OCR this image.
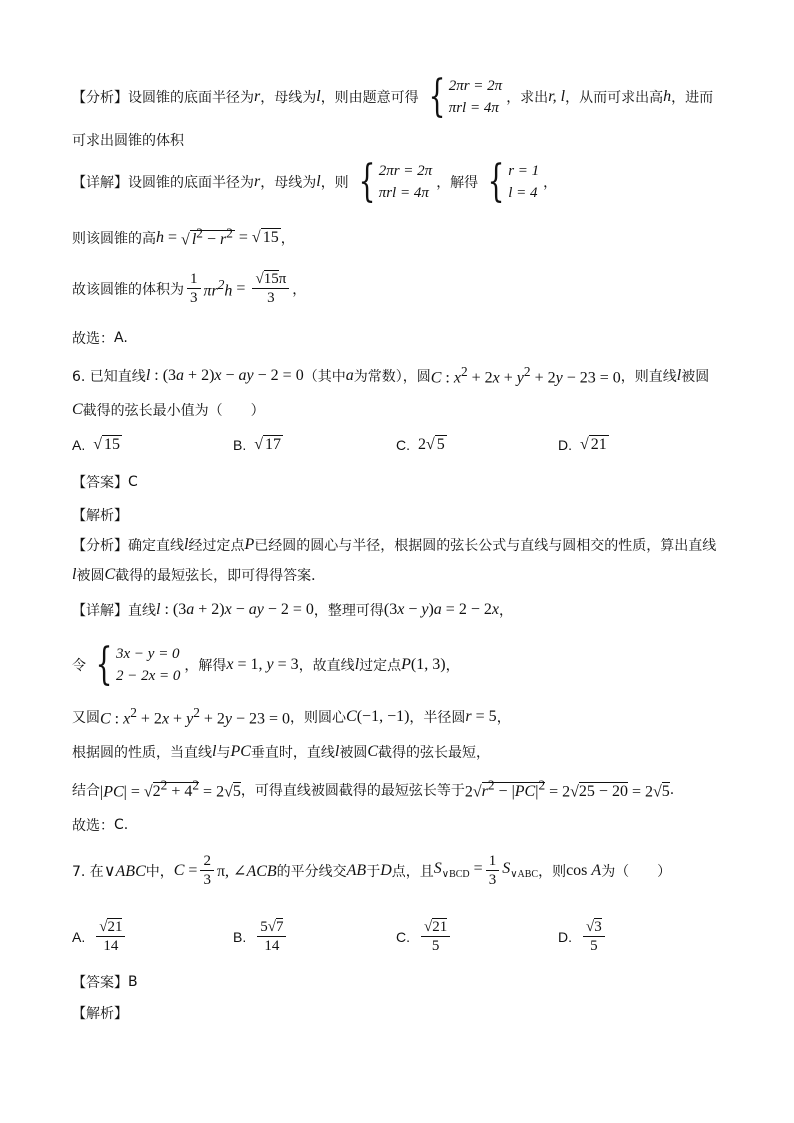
【分析】 设圆锥的底面半径为 r ，母线为 l ，则由题意可得 { 2πr = 2π
πrl = 4π
，求出 r, l ，从而可求出高 h ，进而
可求出圆锥的体积
【详解】 设圆锥的底面半径为 r ，母线为 l ，则 { 2πr = 2π
πrl = 4π
，解得 { r = 1
l = 4
，
则该圆锥的高 h = √ $l^2 - r^2$ = √ 15 ，
故该圆锥的体积为 $\frac{1}{3} \pi r^2h = \frac{√15\pi}{3}$ ，
故选： A.
6. 已知直线 l : (3a + 2)x − ay − 2 = 0 （其中 a 为常数），圆 C : $x^2 + 2x + y^2 + 2y - 23 = 0$ ，则直线 l 被圆
C 截得的弦长最小值为（　　）
A. √ 15	B. √ 17	C. 2√ 5	D. √ 21
【答案】 C
【解析】
【分析】 确定直线 l 经过定点 P 已经圆的圆心与半径，根据圆的弦长公式与直线与圆相交的性质，算出直线
l 被圆 C 截得的最短弦长，即可得得答案．
【详解】 直线 l : (3a + 2)x − ay − 2 = 0 ，整理可得 (3x − y)a = 2 − 2x ，
令 { 3x − y = 0
2 − 2x = 0
，解得 x = 1, y = 3 ，故直线 l 过定点 P(1, 3) ，
又圆 C : $x^2 + 2x + y^2 + 2y - 23 = 0$ ，则圆心 C(−1, −1) ，半径圆 r = 5 ，
根据圆的性质，当直线 l 与 PC 垂直时，直线 l 被圆 C 截得的弦长最短，
结合 $|PC| = √2^2 + 4^2 = 2√5$ ，可得直线被圆截得的最短弦长等于 $2√r^2 - |PC|^2 = 2√25 - 20 = 2√5$ .
故选： C.
7. 在 ∨ABC 中， $C = \frac{2}{3} \pi$, ∠ACB 的平分线交 AB 于 D 点，且 $S_{\vee BCD} = \frac{1}{3} S_{\vee ABC}$ ，则 cos A 为（　　）
A. $\frac{√21}{14}$	B. $\frac{5√7}{14}$	C. $\frac{√21}{5}$	D. $\frac{√3}{5}$
【答案】 B
【解析】
